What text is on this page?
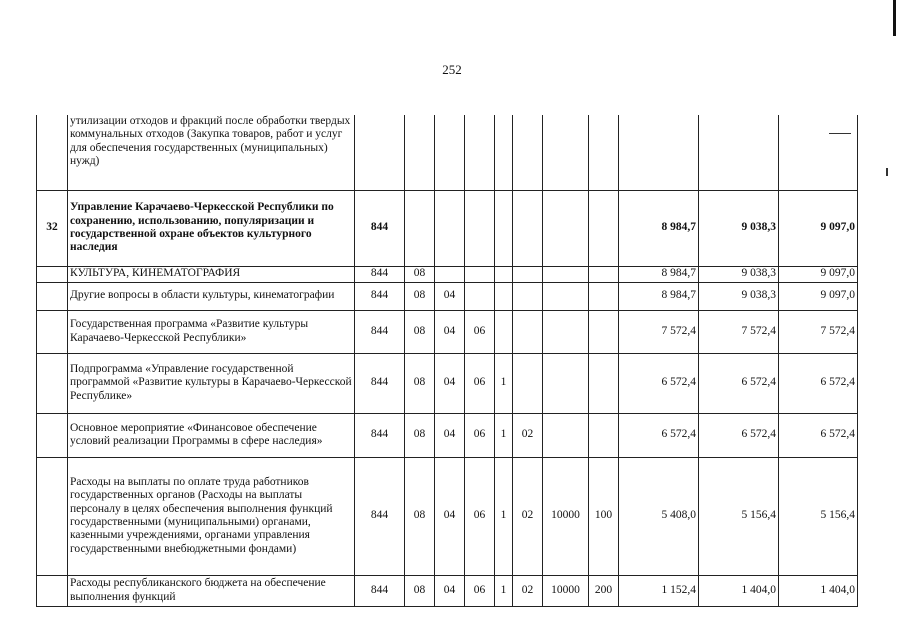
252
	утилизации отходов и фракций после обработки твердых коммунальных отходов (Закупка товаров, работ и услуг для обеспечения государственных (муниципальных) нужд)											

32	Управление Карачаево-Черкесской Республики по сохранению, использованию, популяризации и государственной охране объектов культурного наследия	844								8 984,7	9 038,3	9 097,0
	КУЛЬТУРА, КИНЕМАТОГРАФИЯ	844	08							8 984,7	9 038,3	9 097,0
	Другие вопросы в области культуры, кинематографии	844	08	04						8 984,7	9 038,3	9 097,0
	Государственная программа «Развитие культуры Карачаево-Черкесской Республики»	844	08	04	06					7 572,4	7 572,4	7 572,4
	Подпрограмма «Управление государственной программой «Развитие культуры в Карачаево-Черкесской Республике»	844	08	04	06	1				6 572,4	6 572,4	6 572,4
	Основное мероприятие «Финансовое обеспечение условий реализации Программы в сфере наследия»	844	08	04	06	1	02			6 572,4	6 572,4	6 572,4
	Расходы на выплаты по оплате труда работников государственных органов (Расходы на выплаты персоналу в целях обеспечения выполнения функций государственными (муниципальными) органами, казенными учреждениями, органами управления государственными внебюджетными фондами)	844	08	04	06	1	02	10000	100	5 408,0	5 156,4	5 156,4
	Расходы республиканского бюджета на обеспечение выполнения функций	844	08	04	06	1	02	10000	200	1 152,4	1 404,0	1 404,0
